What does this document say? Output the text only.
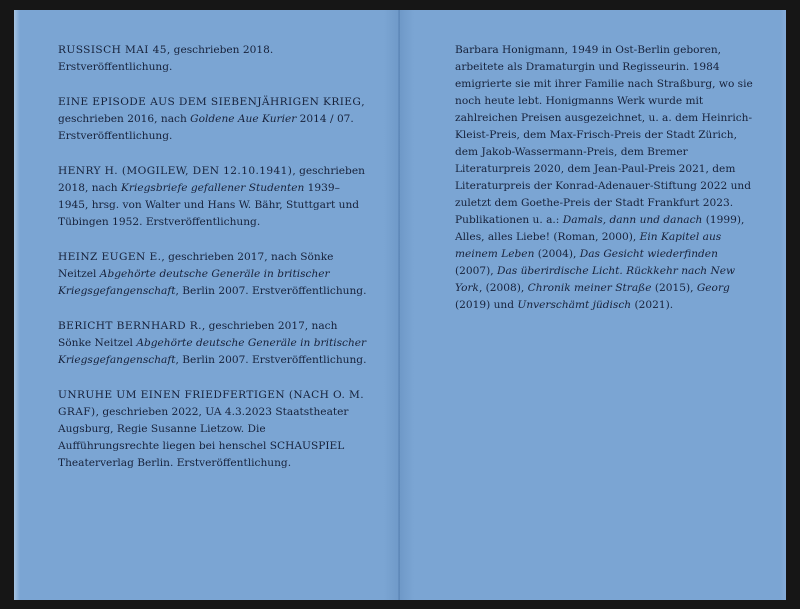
RUSSISCH MAI 45, geschrieben 2018. Erstveröffentlichung.

EINE EPISODE AUS DEM SIEBENJÄHRIGEN KRIEG, geschrieben 2016, nach Goldene Aue Kurier 2014 / 07. Erstveröffentlichung.

HENRY H. (MOGILEW, DEN 12.10.1941), geschrieben 2018, nach Kriegsbriefe gefallener Studenten 1939–1945, hrsg. von Walter und Hans W. Bähr, Stuttgart und Tübingen 1952. Erstveröffentlichung.

HEINZ EUGEN E., geschrieben 2017, nach Sönke Neitzel Abgehörte deutsche Generäle in britischer Kriegsgefangenschaft, Berlin 2007. Erstveröffentlichung.

BERICHT BERNHARD R., geschrieben 2017, nach Sönke Neitzel Abgehörte deutsche Generäle in britischer Kriegsgefangenschaft, Berlin 2007. Erstveröffentlichung.

UNRUHE UM EINEN FRIEDFERTIGEN (NACH O. M. GRAF), geschrieben 2022, UA 4.3.2023 Staatstheater Augsburg, Regie Susanne Lietzow. Die Aufführungsrechte liegen bei henschel SCHAUSPIEL Theaterverlag Berlin. Erstveröffentlichung.

Barbara Honigmann, 1949 in Ost-Berlin geboren, arbeitete als Dramaturgin und Regisseurin. 1984 emigrierte sie mit ihrer Familie nach Straßburg, wo sie noch heute lebt. Honigmanns Werk wurde mit zahlreichen Preisen ausgezeichnet, u. a. dem Heinrich-Kleist-Preis, dem Max-Frisch-Preis der Stadt Zürich, dem Jakob-Wassermann-Preis, dem Bremer Literaturpreis 2020, dem Jean-Paul-Preis 2021, dem Literaturpreis der Konrad-Adenauer-Stiftung 2022 und zuletzt dem Goethe-Preis der Stadt Frankfurt 2023. Publikationen u. a.: Damals, dann und danach (1999), Alles, alles Liebe! (Roman, 2000), Ein Kapitel aus meinem Leben (2004), Das Gesicht wiederfinden (2007), Das überirdische Licht. Rückkehr nach New York, (2008), Chronik meiner Straße (2015), Georg (2019) und Unverschämt jüdisch (2021).
